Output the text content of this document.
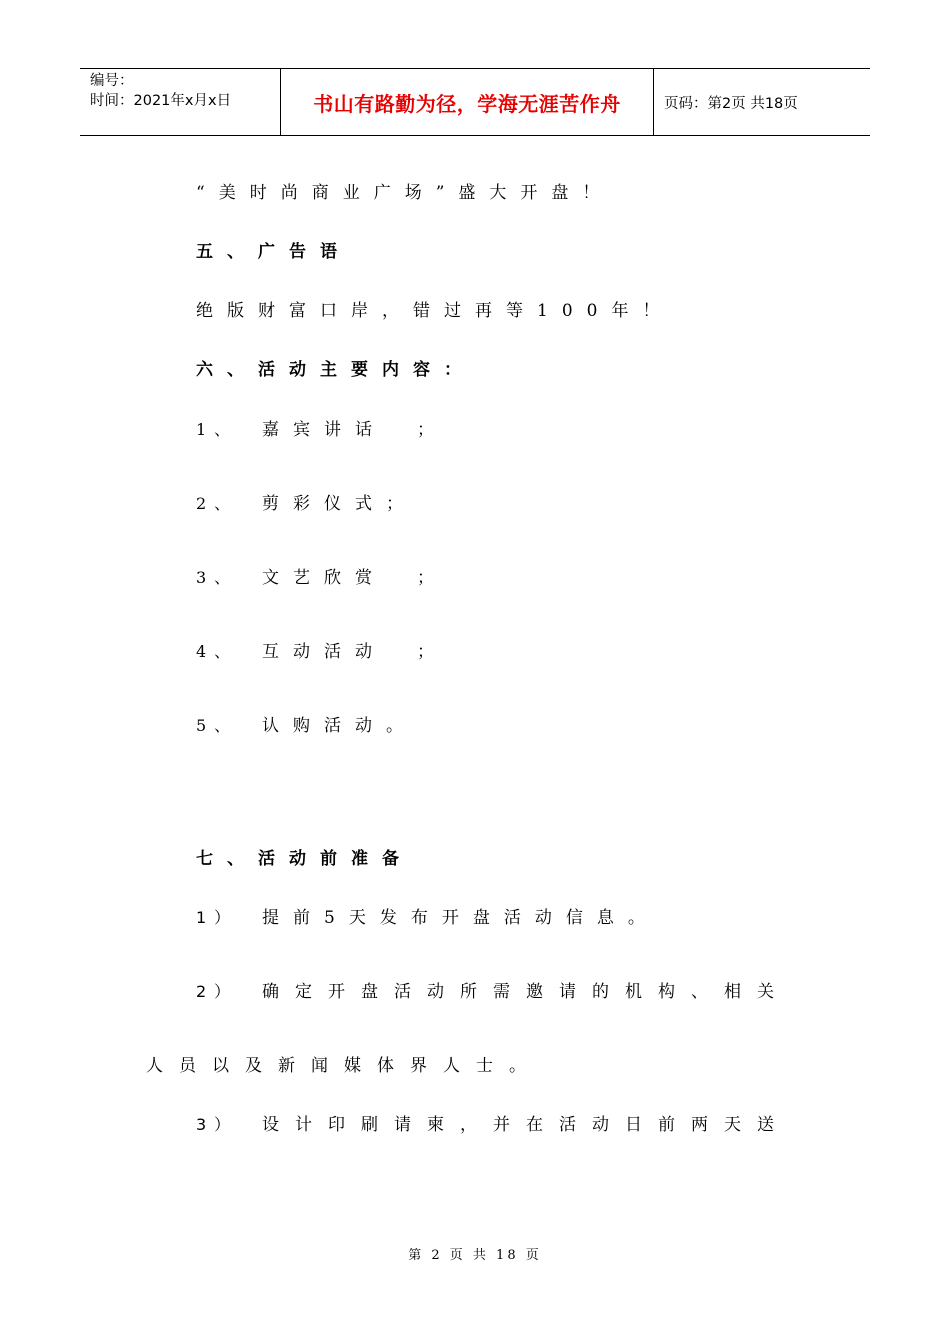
编号：
时间：2021年x月x日	书山有路勤为径，学海无涯苦作舟	页码：第2页 共18页
“美时尚商业广场”盛大开盘！
五、广告语
绝版财富口岸，错过再等100年！
六、活动主要内容：
1、 嘉宾讲话　；
2、 剪彩仪式；
3、 文艺欣赏　；
4、 互动活动　；
5、 认购活动。
七、活动前准备
1） 提前5天发布开盘活动信息。
2） 确定开盘活动所需邀请的机构、相关
人员以及新闻媒体界人士。
3） 设计印刷请柬，并在活动日前两天送
第 2 页 共 18 页
